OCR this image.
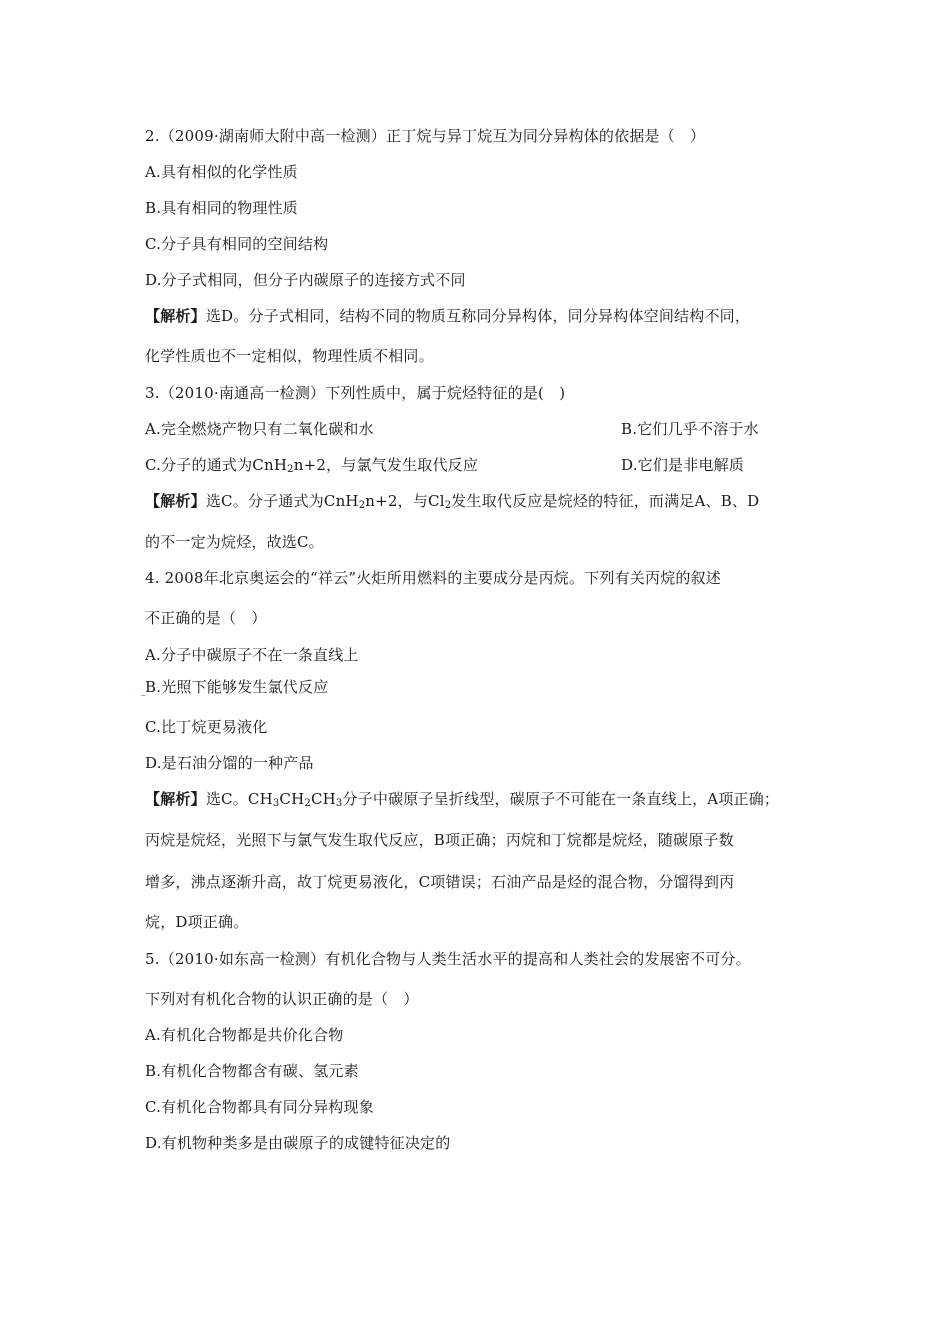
2.（2009·湖南师大附中高一检测）正丁烷与异丁烷互为同分异构体的依据是（　）
A.具有相似的化学性质
B.具有相同的物理性质
C.分子具有相同的空间结构
D.分子式相同，但分子内碳原子的连接方式不同
【解析】选D。分子式相同，结构不同的物质互称同分异构体，同分异构体空间结构不同，
化学性质也不一定相似，物理性质不相同。
3.（2010·南通高一检测）下列性质中，属于烷烃特征的是(　)
A.完全燃烧产物只有二氧化碳和水	B.它们几乎不溶于水
C.分子的通式为CnH$_2$n+2，与氯气发生取代反应	D.它们是非电解质
【解析】选C。分子通式为CnH$_2$n+2，与$Cl_2$发生取代反应是烷烃的特征，而满足A、B、D
的不一定为烷烃，故选C。
4. 2008年北京奥运会的“祥云”火炬所用燃料的主要成分是丙烷。下列有关丙烷的叙述
不正确的是（　）
A.分子中碳原子不在一条直线上
B.光照下能够发生氯代反应
C.比丁烷更易液化
D.是石油分馏的一种产品
【解析】选C。$CH_3CH_2CH_3$分子中碳原子呈折线型，碳原子不可能在一条直线上，A项正确；
丙烷是烷烃，光照下与氯气发生取代反应，B项正确；丙烷和丁烷都是烷烃，随碳原子数
增多，沸点逐渐升高，故丁烷更易液化，C项错误；石油产品是烃的混合物，分馏得到丙
烷，D项正确。
5.（2010·如东高一检测）有机化合物与人类生活水平的提高和人类社会的发展密不可分。
下列对有机化合物的认识正确的是（　）
A.有机化合物都是共价化合物
B.有机化合物都含有碳、氢元素
C.有机化合物都具有同分异构现象
D.有机物种类多是由碳原子的成键特征决定的
